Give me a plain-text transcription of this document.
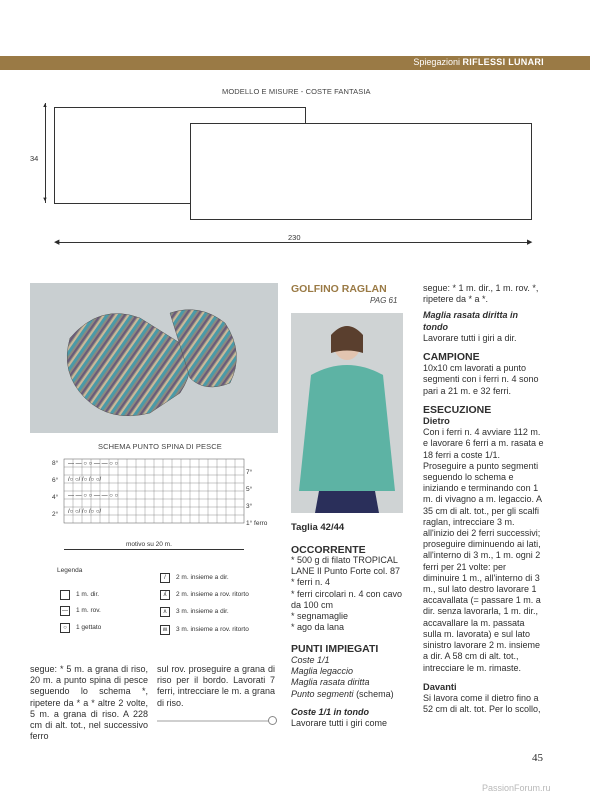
Spiegazioni RIFLESSI LUNARI
MODELLO E MISURE - COSTE FANTASIA
▲
▼
34
◀	▶
230
SCHEMA PUNTO SPINA DI PESCE
— — ○ ○ — — ○ ○
/○ ○/ /○ /○ ○/
— — ○ ○ — — ○ ○
/○ ○/ /○ /○ ○/
8°
6°
4°
2°
7°
5°
3°
1° ferro
motivo su 20 m.
Legenda
1 m. dir.
—	1 m. rov.
○	1 gettato
/	2 m. insieme a dir.
ʎ	2 m. insieme a rov. ritorto
ʌ	3 m. insieme a dir.
ʍ	3 m. insieme a rov. ritorto
segue: * 5 m. a grana di riso, 20 m. a punto spina di pesce seguendo lo schema *, ripetere da * a * altre 2 volte, 5 m. a grana di riso. A 228 cm di alt. tot., nel successivo ferro
sul rov. proseguire a grana di riso per il bordo. Lavorati 7 ferri, intrecciare le m. a grana di riso.
GOLFINO RAGLAN
PAG 61
Taglia 42/44
OCCORRENTE

* 500 g di filato TROPICAL LANE Il Punto Forte col. 87

* ferri n. 4

* ferri circolari n. 4 con cavo da 100 cm

* segnamaglie

* ago da lana

PUNTI IMPIEGATI

Coste 1/1

Maglia legaccio

Maglia rasata diritta

Punto segmenti (schema)

Coste 1/1 in tondo
Lavorare tutti i giri come

segue: * 1 m. dir., 1 m. rov. *, ripetere da * a *.

Maglia rasata diritta in tondo

Lavorare tutti i giri a dir.

CAMPIONE

10x10 cm lavorati a punto segmenti con i ferri n. 4 sono pari a 21 m. e 32 ferri.

ESECUZIONE

Dietro

Con i ferri n. 4 avviare 112 m. e lavorare 6 ferri a m. rasata e 18 ferri a coste 1/1. Proseguire a punto segmenti seguendo lo schema e iniziando e terminando con 1 m. di vivagno a m. legaccio. A 35 cm di alt. tot., per gli scalfi raglan, intrecciare 3 m. all'inizio dei 2 ferri successivi; proseguire diminuendo ai lati, all'interno di 3 m., 1 m. ogni 2 ferri per 21 volte: per diminuire 1 m., all'interno di 3 m., sul lato destro lavorare 1 accavallata (= passare 1 m. a dir. senza lavorarla, 1 m. dir., accavallare la m. passata sulla m. lavorata) e sul lato sinistro lavorare 2 m. insieme a dir. A 58 cm di alt. tot., intrecciare le m. rimaste.

Davanti

Si lavora come il dietro fino a 52 cm di alt. tot. Per lo scollo,

45
PassionForum.ru
